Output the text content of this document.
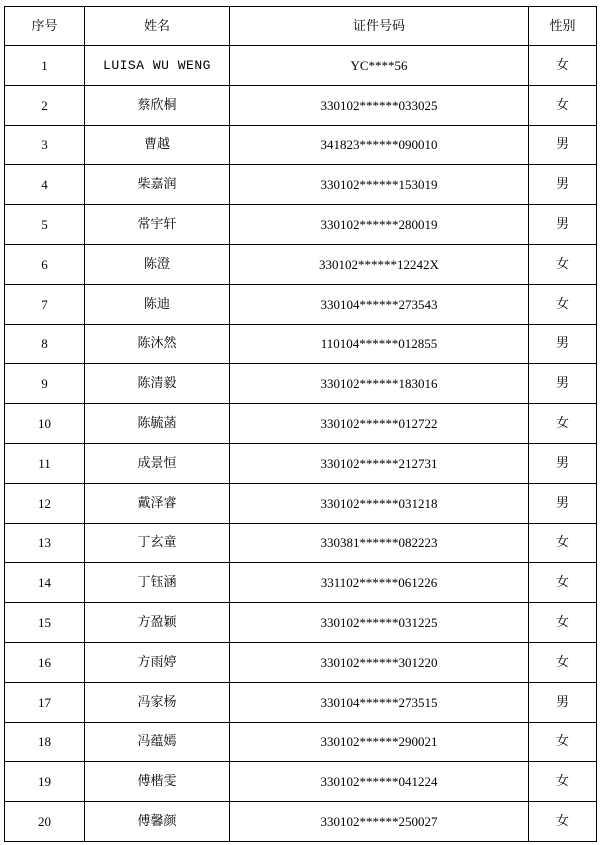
序号	姓名	证件号码	性别
1	LUISA WU WENG	YC****56	女
2	蔡欣桐	330102******033025	女
3	曹越	341823******090010	男
4	柴嘉润	330102******153019	男
5	常宇轩	330102******280019	男
6	陈澄	330102******12242X	女
7	陈迪	330104******273543	女
8	陈沐然	110104******012855	男
9	陈清毅	330102******183016	男
10	陈毓菡	330102******012722	女
11	成景恒	330102******212731	男
12	戴泽睿	330102******031218	男
13	丁玄童	330381******082223	女
14	丁钰涵	331102******061226	女
15	方盈颖	330102******031225	女
16	方雨婷	330102******301220	女
17	冯家杨	330104******273515	男
18	冯蕴嫣	330102******290021	女
19	傅楷雯	330102******041224	女
20	傅馨颜	330102******250027	女
